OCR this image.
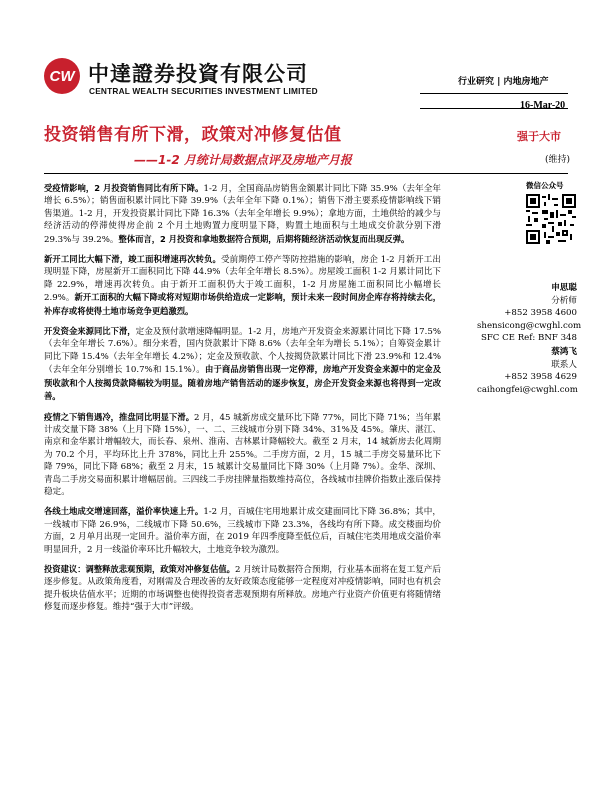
CW 中達證券投資有限公司
CENTRAL WEALTH SECURITIES INVESTMENT LIMITED
行业研究 | 内地房地产
16-Mar-20
投资销售有所下滑，政策对冲修复估值
——1-2 月统计局数据点评及房地产月报
强于大市
(维持)

受疫情影响，2 月投资销售同比有所下降。1-2 月，全国商品房销售金额累计同比下降 35.9%（去年全年增长 6.5%）；销售面积累计同比下降 39.9%（去年全年下降 0.1%）；销售下滑主要系疫情影响线下销售渠道。1-2 月，开发投资累计同比下降 16.3%（去年全年增长 9.9%）；拿地方面，土地供给的减少与经济活动的停滞使得房企前 2 个月土地购置力度明显下降，购置土地面积与土地成交价款分别下滑 29.3%与 39.2%。整体而言，2 月投资和拿地数据符合预期，后期将随经济活动恢复而出现反弹。

新开工同比大幅下滑，竣工面积增速再次转负。受前期停工停产等防控措施的影响，房企 1-2 月新开工出现明显下降，房屋新开工面积同比下降 44.9%（去年全年增长 8.5%）。房屋竣工面积 1-2 月累计同比下降 22.9%，增速再次转负。由于新开工面积仍大于竣工面积，1-2 月房屋施工面积同比小幅增长 2.9%。新开工面积的大幅下降或将对短期市场供给造成一定影响，预计未来一段时间房企库存将持续去化，补库存或将使得土地市场竞争更趋激烈。

开发资金来源同比下滑，定金及预付款增速降幅明显。1-2 月，房地产开发资金来源累计同比下降 17.5%（去年全年增长 7.6%）。细分来看，国内贷款累计下降 8.6%（去年全年为增长 5.1%）；自筹资金累计同比下降 15.4%（去年全年增长 4.2%）；定金及预收款、个人按揭贷款累计同比下滑 23.9%和 12.4%（去年全年分别增长 10.7%和 15.1%）。由于商品房销售出现一定停滞，房地产开发资金来源中的定金及预收款和个人按揭贷款降幅较为明显。随着房地产销售活动的逐步恢复，房企开发资金来源也将得到一定改善。

疫情之下销售遇冷，推盘同比明显下滑。2 月，45 城新房成交量环比下降 77%，同比下降 71%；当年累计成交量下降 38%（上月下降 15%），一、二、三线城市分别下降 34%、31%及 45%。肇庆、湛江、南京和金华累计增幅较大，而长春、泉州、淮南、吉林累计降幅较大。截至 2 月末，14 城新房去化周期为 70.2 个月，平均环比上升 378%，同比上升 255%。二手房方面，2 月，15 城二手房交易量环比下降 79%，同比下降 68%；截至 2 月末，15 城累计交易量同比下降 30%（上月降 7%）。金华、深圳、青岛二手房交易面积累计增幅居前。三四线二手房挂牌量指数维持高位，各线城市挂牌价指数止涨后保持稳定。

各线土地成交增速回落，溢价率快速上升。1-2 月，百城住宅用地累计成交建面同比下降 36.8%；其中，一线城市下降 26.9%，二线城市下降 50.6%，三线城市下降 23.3%，各线均有所下降。成交楼面均价方面，2 月单月出现一定回升。溢价率方面，在 2019 年四季度降至低位后，百城住宅类用地成交溢价率明显回升，2 月一线溢价率环比升幅较大，土地竞争较为激烈。

投资建议：调整释放悲观预期，政策对冲修复估值。2 月统计局数据符合预期，行业基本面将在复工复产后逐步修复。从政策角度看，对刚需及合理改善的友好政策态度能够一定程度对冲疫情影响，同时也有机会提升板块估值水平；近期的市场调整也使得投资者悲观预期有所释放。房地产行业资产价值更有将随情绪修复而逐步修复。维持“强于大市”评级。

微信公众号
申思聪
分析师
+852 3958 4600
shensicong@cwghl.com
SFC CE Ref: BNF 348
蔡鸿飞
联系人
+852 3958 4629
caihongfei@cwghl.com
